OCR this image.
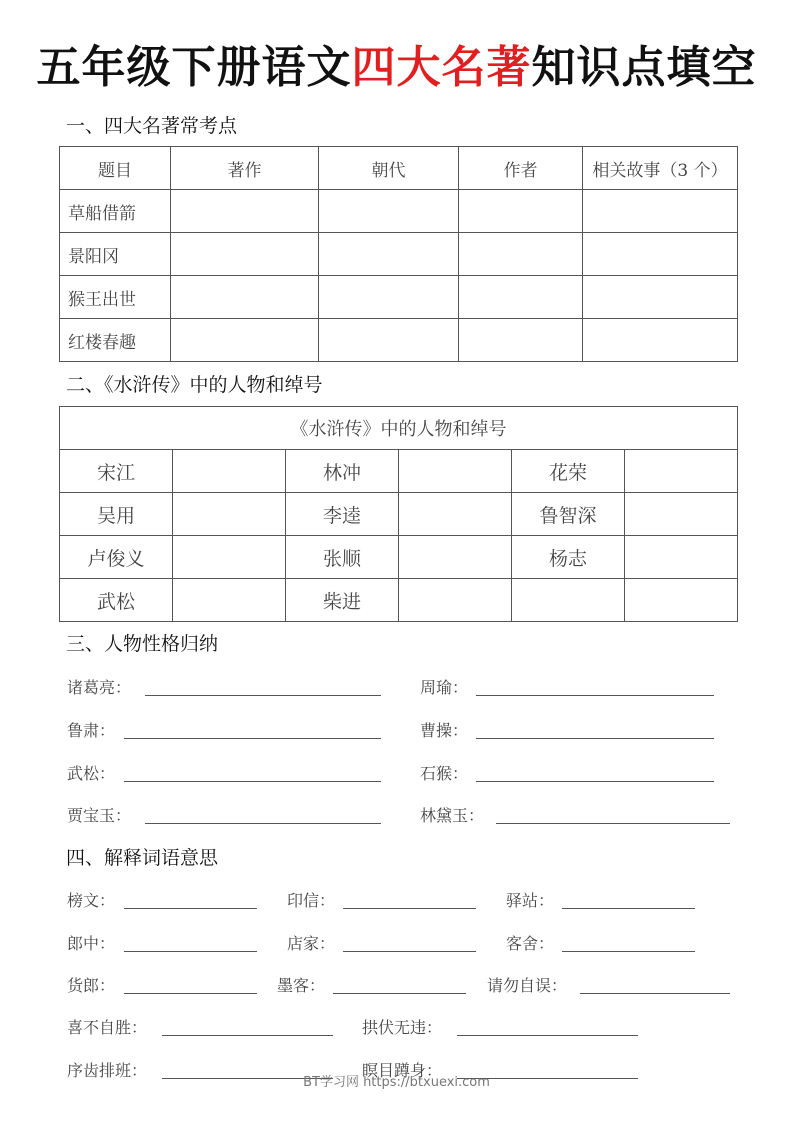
五年级下册语文四大名著知识点填空
一、四大名著常考点
题目	著作	朝代	作者	相关故事（3 个）
草船借箭				
景阳冈				
猴王出世				
红楼春趣				
二、《水浒传》中的人物和绰号
《水浒传》中的人物和绰号					
宋江		林冲		花荣	
吴用		李逵		鲁智深	
卢俊义		张顺		杨志	
武松		柴进			
三、人物性格归纳
诸葛亮：	周瑜：
鲁肃：	曹操：
武松：	石猴：
贾宝玉：	林黛玉：
四、解释词语意思
榜文：	印信：	驿站：
郎中：	店家：	客舍：
货郎：	墨客：	请勿自误：
喜不自胜：	拱伏无违：
序齿排班：	瞑目蹲身：
BT学习网 https://btxuexi.com
